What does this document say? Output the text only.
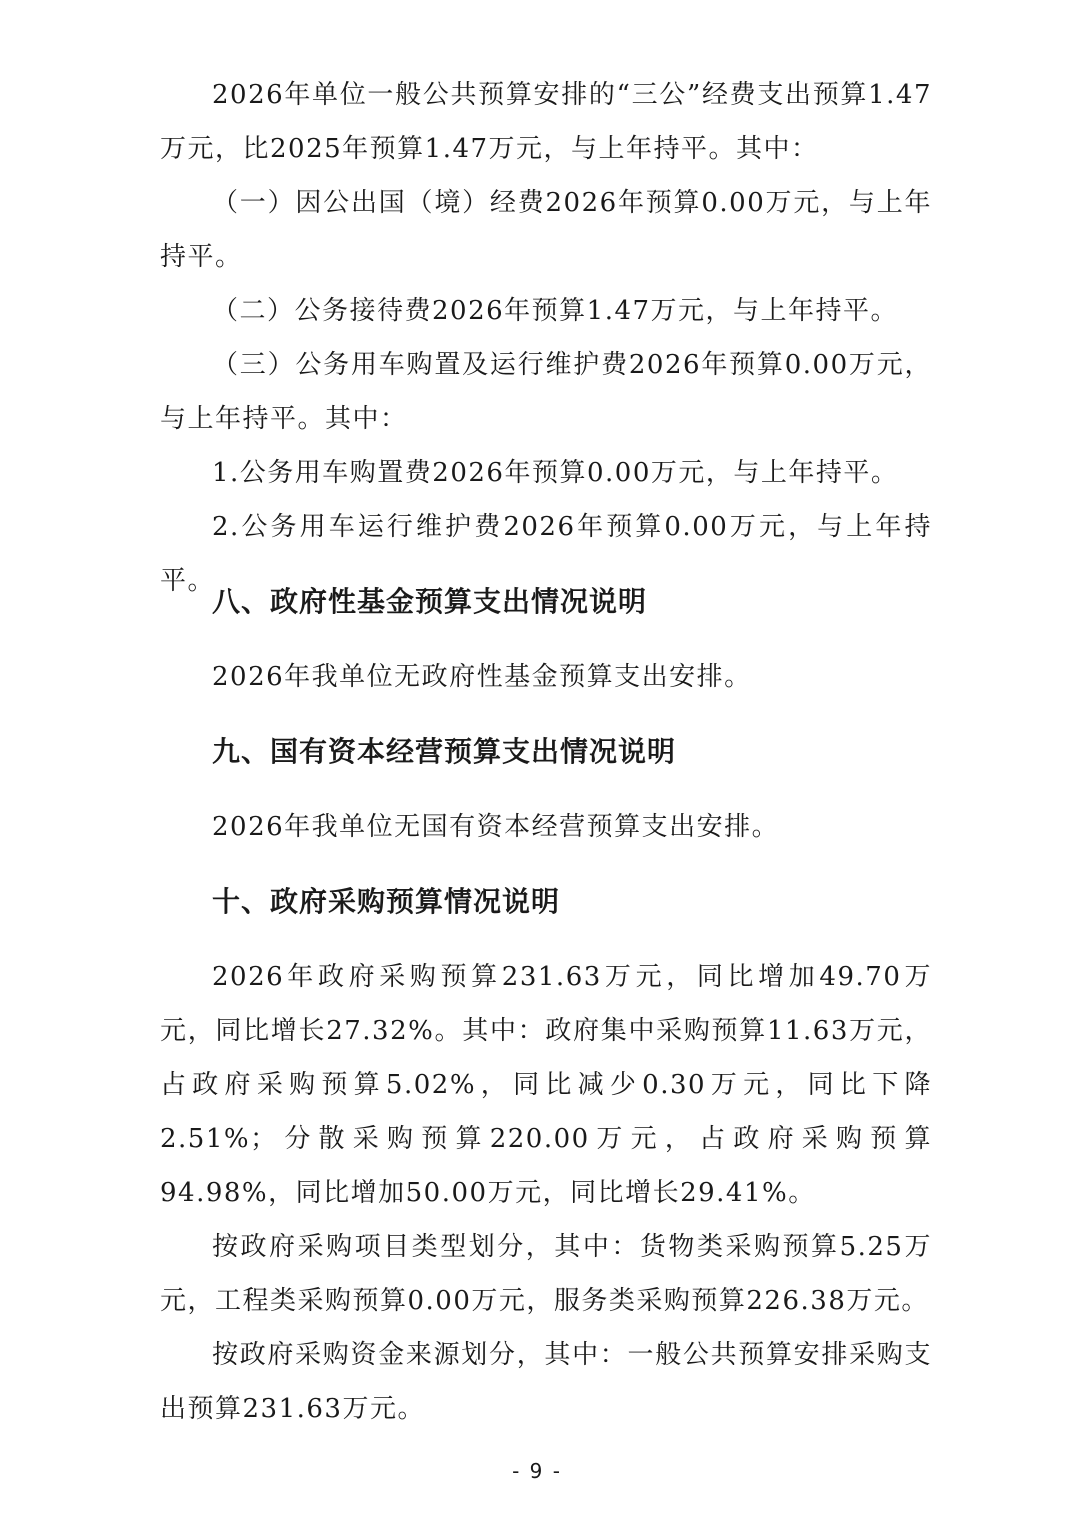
2026年单位一般公共预算安排的“三公”经费支出预算1.47万元，比2025年预算1.47万元，与上年持平。其中：

（一）因公出国（境）经费2026年预算0.00万元，与上年持平。

（二）公务接待费2026年预算1.47万元，与上年持平。

（三）公务用车购置及运行维护费2026年预算0.00万元，与上年持平。其中：

1.公务用车购置费2026年预算0.00万元，与上年持平。

2.公务用车运行维护费2026年预算0.00万元，与上年持平。

八、政府性基金预算支出情况说明

2026年我单位无政府性基金预算支出安排。

九、国有资本经营预算支出情况说明

2026年我单位无国有资本经营预算支出安排。

十、政府采购预算情况说明

2026年政府采购预算231.63万元，同比增加49.70万元，同比增长27.32%。其中：政府集中采购预算11.63万元，占政府采购预算5.02%，同比减少0.30万元，同比下降2.51%；分散采购预算220.00万元，占政府采购预算94.98%，同比增加50.00万元，同比增长29.41%。

按政府采购项目类型划分，其中：货物类采购预算5.25万元，工程类采购预算0.00万元，服务类采购预算226.38万元。

按政府采购资金来源划分，其中：一般公共预算安排采购支出预算231.63万元。

- 9 -
